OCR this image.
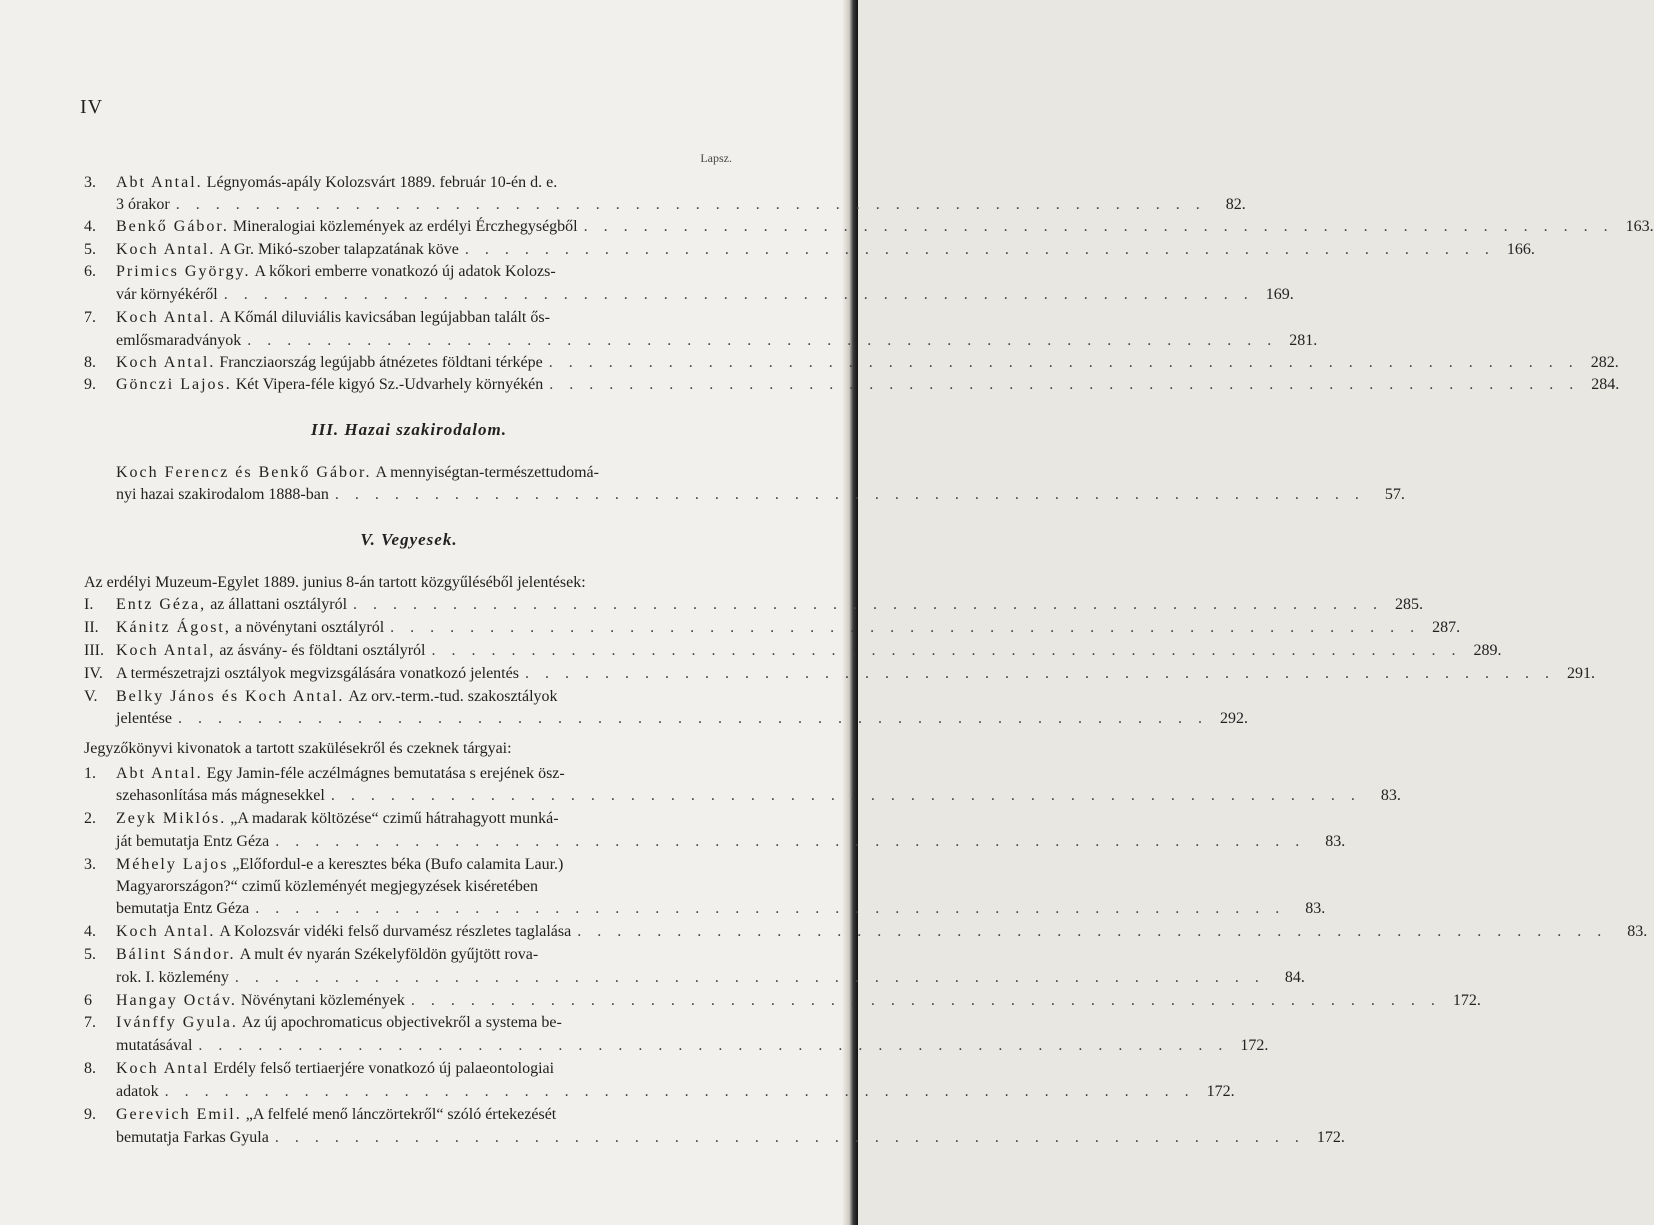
IV
Lapsz.
3.	Abt Antal.
Légnyomás-apály Kolozsvárt 1889. február 10-én d. e.
3 órakor . . .	82.
4.	Benkő Gábor.
Mineralogiai közlemények az erdélyi Érczhegységből . . .	163.
5.	Koch Antal.
A Gr. Mikó-szober talapzatának köve . . .	166.
6.	Primics György.
A kőkori emberre vonatkozó új adatok Kolozs-
vár környékéről . . .	169.
7.	Koch Antal.
A Kőmál diluviális kavicsában legújabban talált ős-
emlősmaradványok . . .	281.
8.	Koch Antal.
Francziaország legújabb átnézetes földtani térképe . . .	282.
9.	Gönczi Lajos.
Két Vipera-féle kigyó Sz.-Udvarhely környékén . . .	284.
III. Hazai szakirodalom.
Koch Ferencz és Benkő Gábor.
A mennyiségtan-természettudomá-
nyi hazai szakirodalom 1888-ban . . .	57.
V. Vegyesek.
Az erdélyi Muzeum-Egylet 1889. junius 8-án tartott közgyűléséből jelentések:
I.	Entz Géza,
az állattani osztályról . . .	285.
II.	Kánitz Ágost,
a növénytani osztályról . . .	287.
III. Koch Antal,
az ásvány- és földtani osztályról . . .	289.
IV. A természetrajzi osztályok megvizsgálására vonatkozó jelentés . . .	291.
V.	Belky János és Koch Antal.
Az orv.-term.-tud. szakosztályok
jelentése . . .	292.
Jegyzőkönyvi kivonatok a tartott szakülésekről és czeknek tárgyai:
1.	Abt Antal.
Egy Jamin-féle aczélmágnes bemutatása s erejének ösz-
szehasonlítása más mágnesekkel . . .	83.
2.	Zeyk Miklós.
„A madarak költözése“ czimű hátrahagyott munká-
ját bemutatja Entz Géza . . .	83.
3.	Méhely Lajos
„Előfordul-e a keresztes béka (Bufo calamita Laur.)
Magyarországon?“ czimű közleményét megjegyzések kiséretében
bemutatja Entz Géza . . .	83.
4.	Koch Antal.
A Kolozsvár vidéki felső durvamész részletes taglalása . . .	83.
5.	Bálint Sándor.
A mult év nyarán Székelyföldön gyűjtött rova-
rok. I. közlemény . . .	84.
6	Hangay Octáv.
Növénytani közlemények . . .	172.
7.	Ivánffy Gyula.
Az új apochromaticus objectivekről a systema be-
mutatásával . . .	172.
8.	Koch Antal
Erdély felső tertiaerjére vonatkozó új palaeontologiai
adatok . . .	172.
9.	Gerevich Emil.
„A felfelé menő lánczörtekről“ szóló értekezését
bemutatja Farkas Gyula . . .	172.
